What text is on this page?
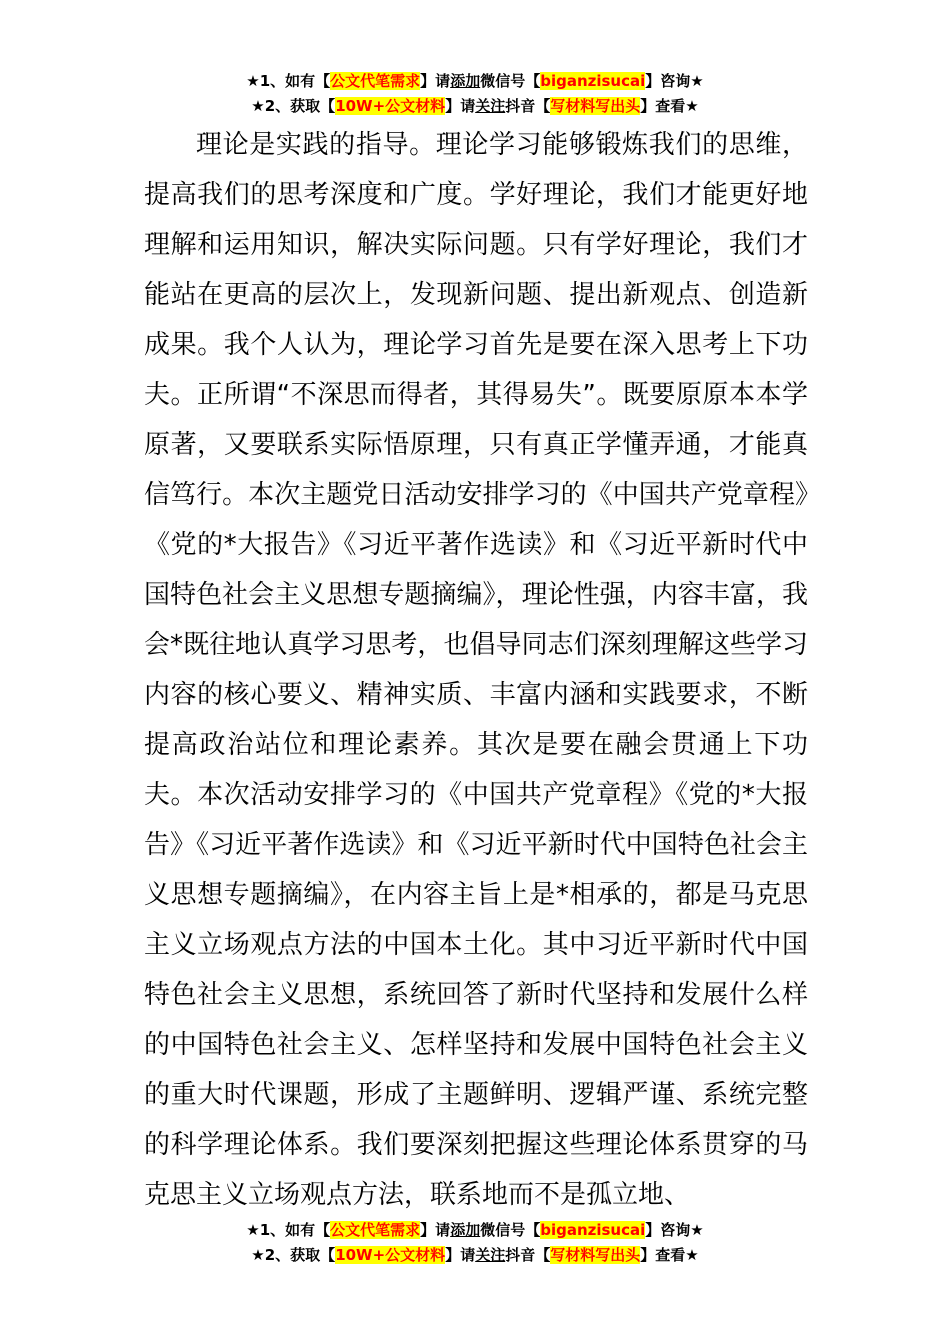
★1、如有【公文代笔需求】请添加微信号【biganzisucai】咨询★
★2、获取【10W+公文材料】请关注抖音【写材料写出头】查看★

理论是实践的指导。理论学习能够锻炼我们的思维，提高我们的思考深度和广度。学好理论，我们才能更好地理解和运用知识，解决实际问题。只有学好理论，我们才能站在更高的层次上，发现新问题、提出新观点、创造新成果。我个人认为，理论学习首先是要在深入思考上下功夫。正所谓“不深思而得者，其得易失”。既要原原本本学原著，又要联系实际悟原理，只有真正学懂弄通，才能真信笃行。本次主题党日活动安排学习的《中国共产党章程》《党的*大报告》《习近平著作选读》和《习近平新时代中国特色社会主义思想专题摘编》，理论性强，内容丰富，我会*既往地认真学习思考，也倡导同志们深刻理解这些学习内容的核心要义、精神实质、丰富内涵和实践要求，不断提高政治站位和理论素养。其次是要在融会贯通上下功夫。本次活动安排学习的《中国共产党章程》《党的*大报告》《习近平著作选读》和《习近平新时代中国特色社会主义思想专题摘编》，在内容主旨上是*相承的，都是马克思主义立场观点方法的中国本土化。其中习近平新时代中国特色社会主义思想，系统回答了新时代坚持和发展什么样的中国特色社会主义、怎样坚持和发展中国特色社会主义的重大时代课题，形成了主题鲜明、逻辑严谨、系统完整的科学理论体系。我们要深刻把握这些理论体系贯穿的马克思主义立场观点方法，联系地而不是孤立地、

★1、如有【公文代笔需求】请添加微信号【biganzisucai】咨询★
★2、获取【10W+公文材料】请关注抖音【写材料写出头】查看★
